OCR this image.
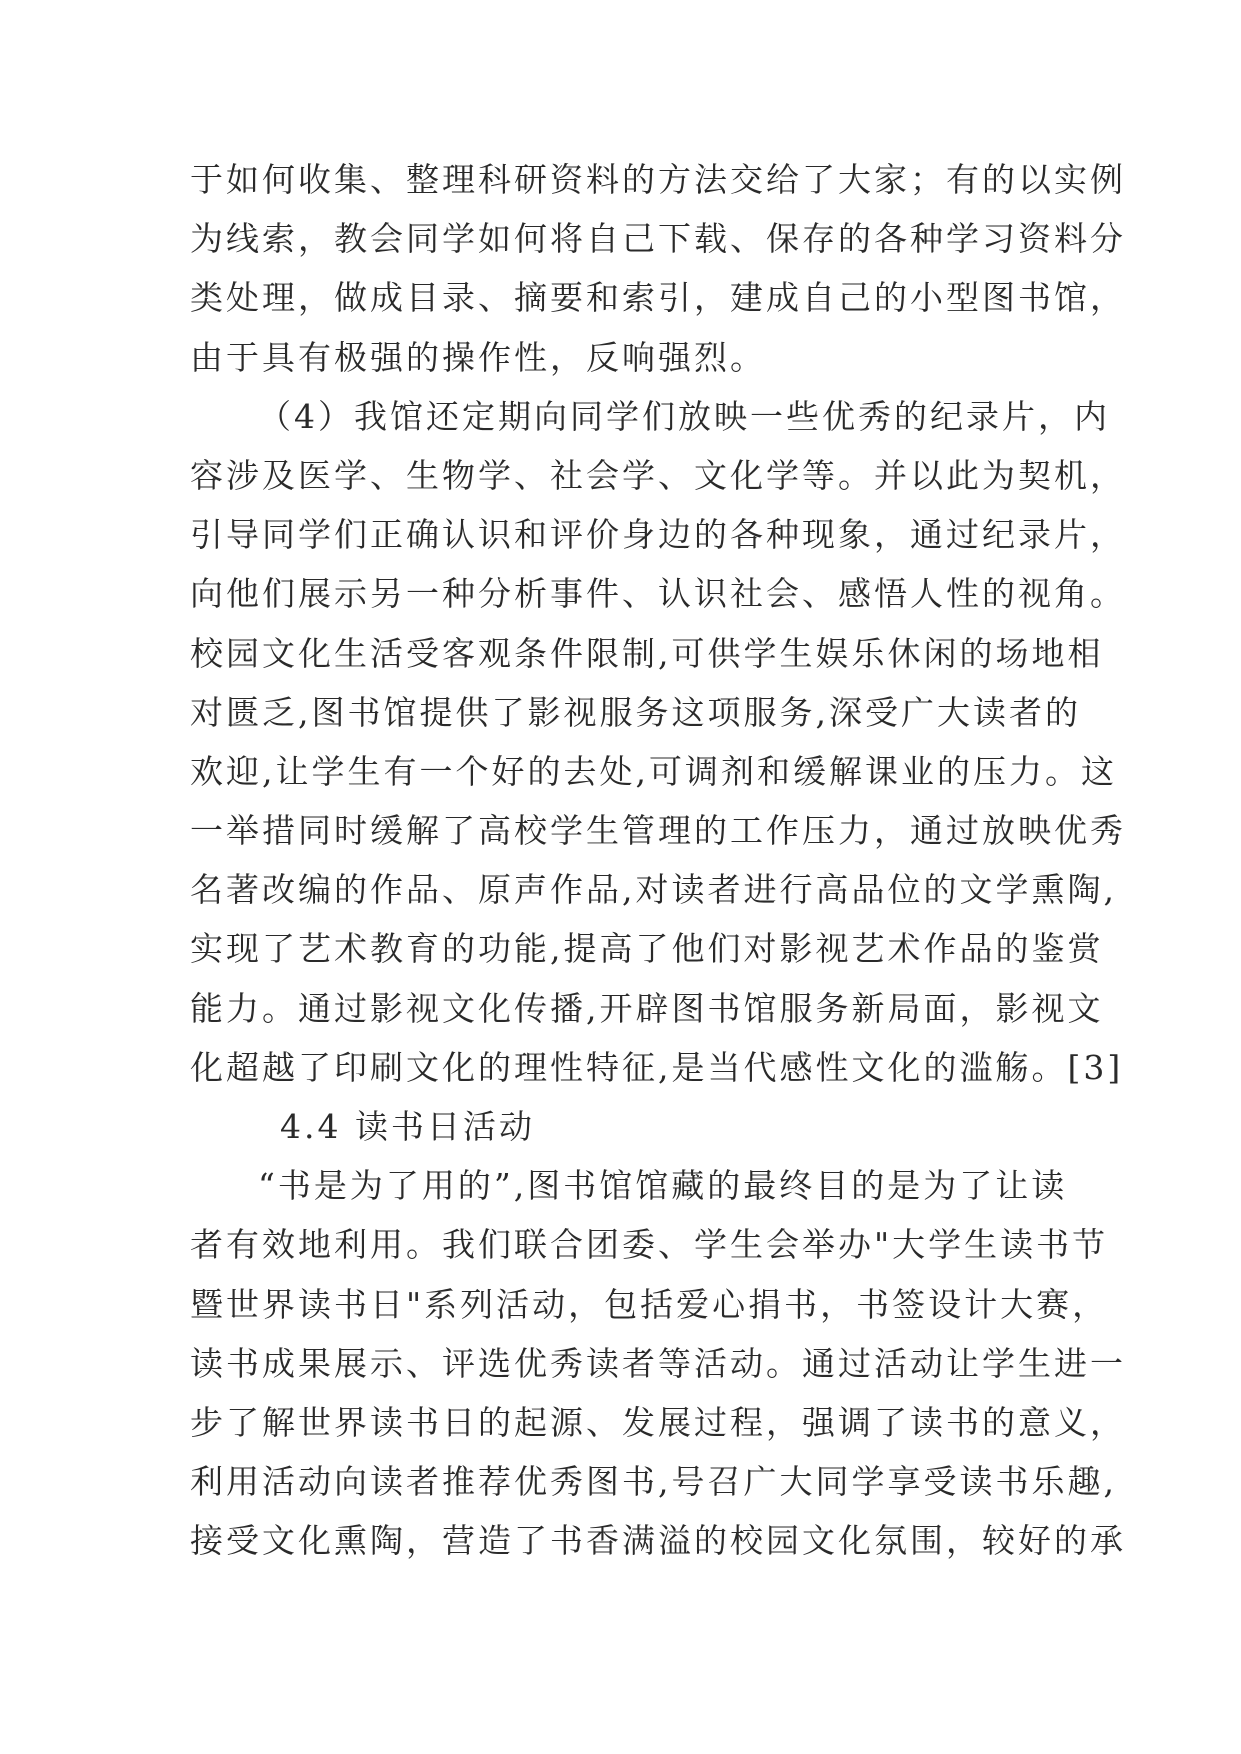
于如何收集、整理科研资料的方法交给了大家；有的以实例
为线索，教会同学如何将自己下载、保存的各种学习资料分
类处理，做成目录、摘要和索引，建成自己的小型图书馆，
由于具有极强的操作性，反响强烈。
（4）我馆还定期向同学们放映一些优秀的纪录片，内
容涉及医学、生物学、社会学、文化学等。并以此为契机，
引导同学们正确认识和评价身边的各种现象，通过纪录片，
向他们展示另一种分析事件、认识社会、感悟人性的视角。
校园文化生活受客观条件限制,可供学生娱乐休闲的场地相
对匮乏,图书馆提供了影视服务这项服务,深受广大读者的
欢迎,让学生有一个好的去处,可调剂和缓解课业的压力。这
一举措同时缓解了高校学生管理的工作压力，通过放映优秀
名著改编的作品、原声作品,对读者进行高品位的文学熏陶,
实现了艺术教育的功能,提高了他们对影视艺术作品的鉴赏
能力。通过影视文化传播,开辟图书馆服务新局面，影视文
化超越了印刷文化的理性特征,是当代感性文化的滥觞。[3]
4.4 读书日活动
“书是为了用的”,图书馆馆藏的最终目的是为了让读
者有效地利用。我们联合团委、学生会举办"大学生读书节
暨世界读书日"系列活动，包括爱心捐书，书签设计大赛，
读书成果展示、评选优秀读者等活动。通过活动让学生进一
步了解世界读书日的起源、发展过程，强调了读书的意义，
利用活动向读者推荐优秀图书,号召广大同学享受读书乐趣,
接受文化熏陶，营造了书香满溢的校园文化氛围，较好的承
